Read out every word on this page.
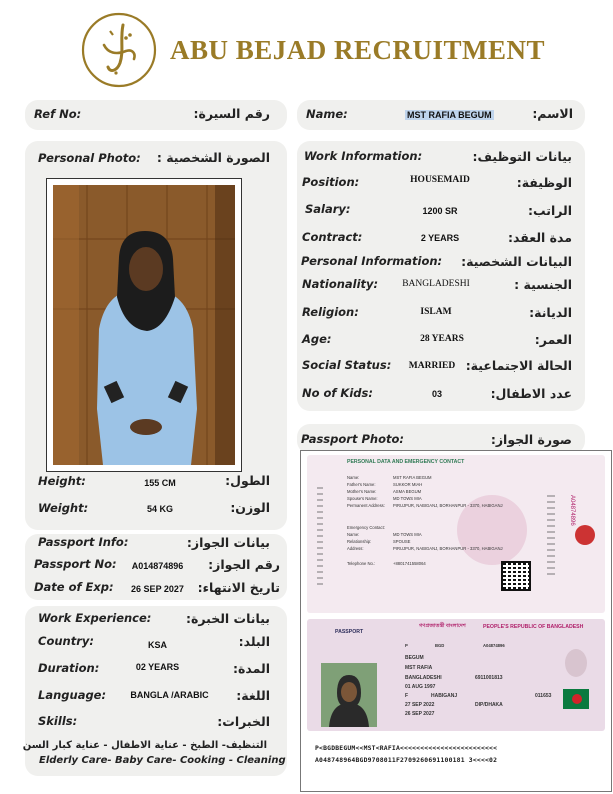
ABU BEJAD RECRUITMENT
Ref No:	رقم السيرة:	Name:	MST RAFIA BEGUM	الاسم:
Personal Photo: الصورة الشخصية :
Height:	155 CM	الطول:
Weight:	54 KG	الوزن:
Passport Info:	بيانات الجواز:
Passport No:	A014874896	رقم الجواز:
Date of Exp:	26 SEP 2027	تاريخ الانتهاء:
Work Experience:	بيانات الخبرة:
Country:	KSA	البلد:
Duration:	02 YEARS	المدة:
Language:	BANGLA /ARABIC	اللغة:
Skills:	الخبرات:
التنظيف- الطبخ - عناية الاطفال - عناية كبار السن
Elderly Care- Baby Care- Cooking - Cleaning
Work Information:	بيانات التوظيف:
Position:	HOUSEMAID	الوظيفة:
Salary:	1200 SR	الراتب:
Contract:	2 YEARS	مدة العقد:
Personal Information: البيانات الشخصية:
Nationality:	BANGLADESHI	الجنسية :
Religion:	ISLAM	الديانة:
Age:	28 YEARS	العمر:
Social Status:	MARRIED الحالة الاجتماعية:
No of Kids:	03	عدد الاطفال:
Passport Photo:	صورة الجواز:
PERSONAL DATA AND EMERGENCY CONTACT
Name:	MST RAFIA BEGUM
Father's Name:	SUKKOR MIAH
Mother's Name:	ASMA BEGUM
Spouse's Name:	MD TOWS MIA
Permanent Address: PIRUJPUR, NABIGANJ, BORHANPUR - 3370, HABIGANJ
Emergency Contact:
Name:	MD TOWS MIA
Relationship:	SPOUSE
Address:	PIRUJPUR, NABIGANJ, BORHANPUR - 3370, HABIGANJ
Telephone No.:	+8801741558064
A04874896
PASSPORT
গণপ্রজাতন্ত্রী বাংলাদেশ	PEOPLE'S REPUBLIC OF BANGLADESH
P	BGD	A04874896
BEGUM
MST RAFIA
BANGLADESHI	6911001813
01 AUG 1997
F	HABIGANJ	011653
27 SEP 2022	DIP/DHAKA
26 SEP 2027
P<BGDBEGUM<<MST<RAFIA<<<<<<<<<<<<<<<<<<<<<<<<
A048748964BGD9708011F2709260691100181 3<<<<02
